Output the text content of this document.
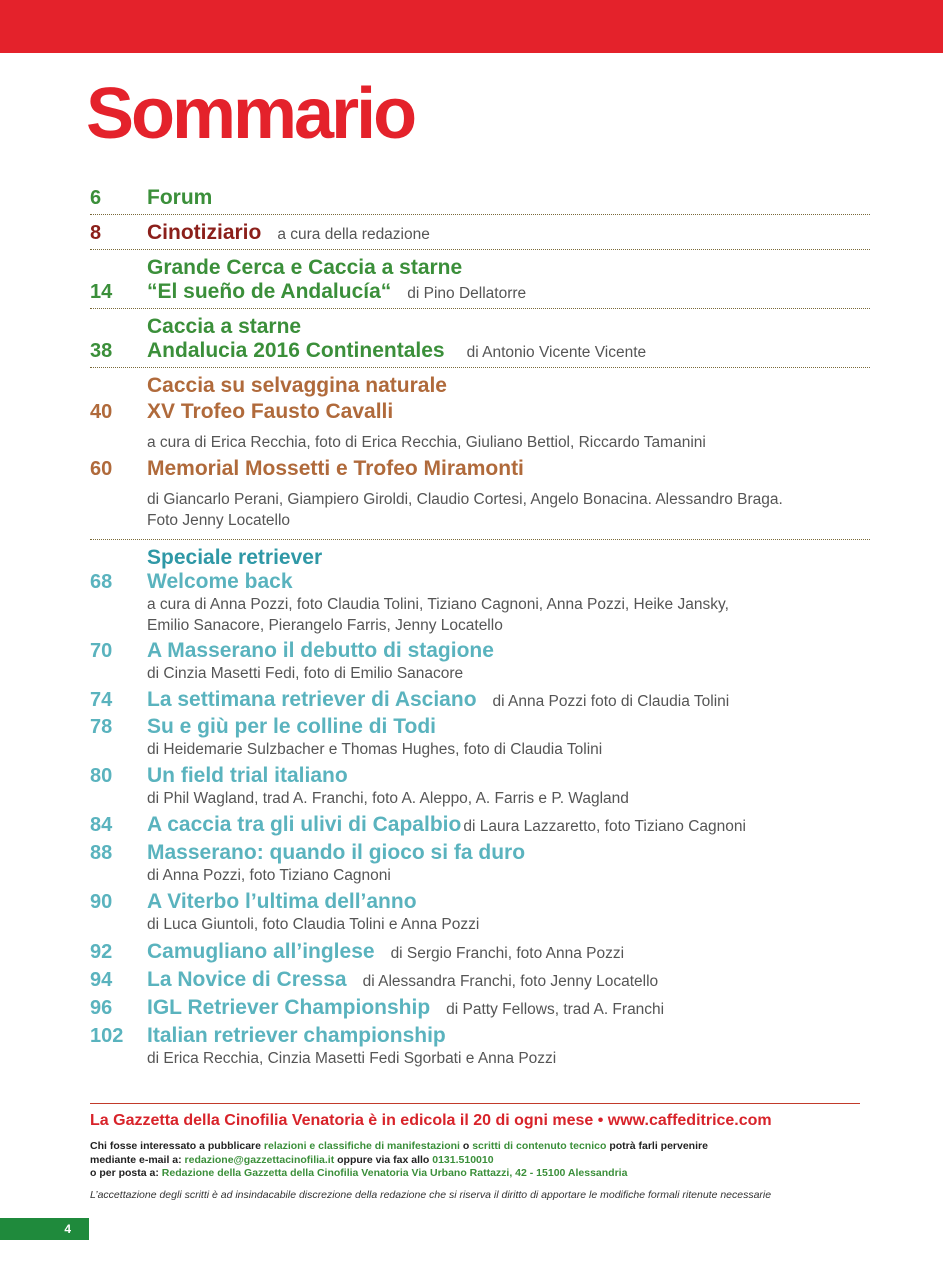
Sommario
6	Forum
8	Cinotiziario a cura della redazione
Grande Cerca e Caccia a starne
14	“El sueño de Andalucía“ di Pino Dellatorre
Caccia a starne
38	Andalucia 2016 Continentales di Antonio Vicente Vicente
Caccia su selvaggina naturale
40	XV Trofeo Fausto Cavalli
a cura di Erica Recchia, foto di Erica Recchia, Giuliano Bettiol, Riccardo Tamanini
60	Memorial Mossetti e Trofeo Miramonti
di Giancarlo Perani, Giampiero Giroldi, Claudio Cortesi, Angelo Bonacina. Alessandro Braga.
Foto Jenny Locatello
Speciale retriever
68	Welcome back
a cura di Anna Pozzi, foto Claudia Tolini, Tiziano Cagnoni, Anna Pozzi, Heike Jansky,
Emilio Sanacore, Pierangelo Farris, Jenny Locatello
70	A Masserano il debutto di stagione
di Cinzia Masetti Fedi, foto di Emilio Sanacore
74	La settimana retriever di Asciano di Anna Pozzi foto di Claudia Tolini
78	Su e giù per le colline di Todi
di Heidemarie Sulzbacher e Thomas Hughes, foto di Claudia Tolini
80	Un field trial italiano
di Phil Wagland, trad A. Franchi, foto A. Aleppo, A. Farris e P. Wagland
84	A caccia tra gli ulivi di Capalbio di Laura Lazzaretto, foto Tiziano Cagnoni
88	Masserano: quando il gioco si fa duro
di Anna Pozzi, foto Tiziano Cagnoni
90	A Viterbo l’ultima dell’anno
di Luca Giuntoli, foto Claudia Tolini e Anna Pozzi
92	Camugliano all’inglese di Sergio Franchi, foto Anna Pozzi
94	La Novice di Cressa di Alessandra Franchi, foto Jenny Locatello
96	IGL Retriever Championship di Patty Fellows, trad A. Franchi
102	Italian retriever championship
di Erica Recchia, Cinzia Masetti Fedi Sgorbati e Anna Pozzi
La Gazzetta della Cinofilia Venatoria è in edicola il 20 di ogni mese • www.caffeditrice.com
Chi fosse interessato a pubblicare relazioni e classifiche di manifestazioni o scritti di contenuto tecnico potrà farli pervenire
mediante e-mail a: redazione@gazzettacinofilia.it oppure via fax allo 0131.510010
o per posta a: Redazione della Gazzetta della Cinofilia Venatoria Via Urbano Rattazzi, 42 - 15100 Alessandria
L’accettazione degli scritti è ad insindacabile discrezione della redazione che si riserva il diritto di apportare le modifiche formali ritenute necessarie
4
